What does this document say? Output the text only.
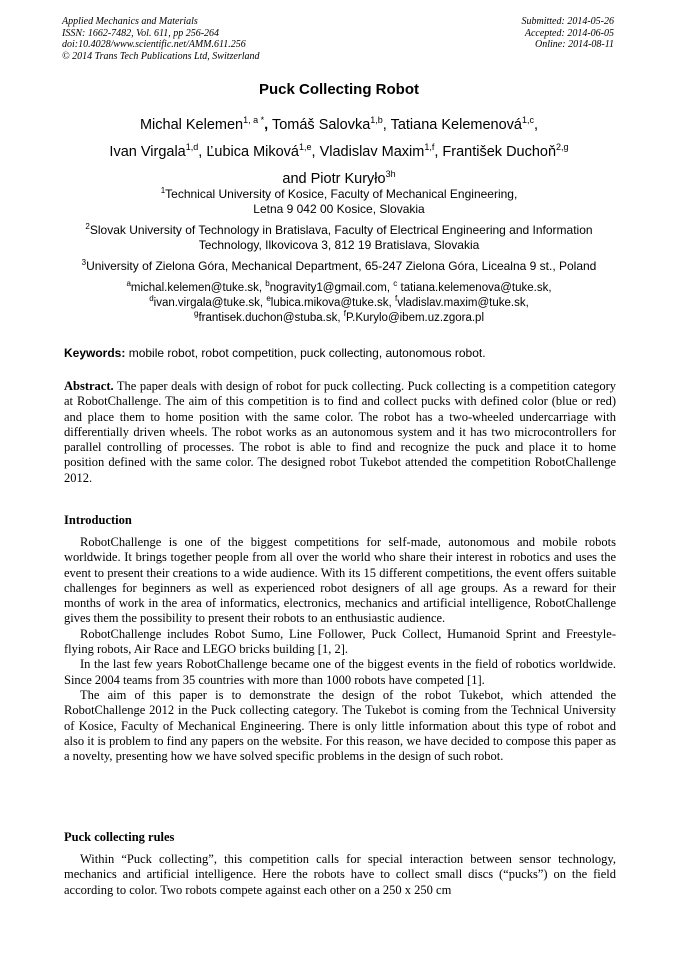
Applied Mechanics and Materials
ISSN: 1662-7482, Vol. 611, pp 256-264
doi:10.4028/www.scientific.net/AMM.611.256
© 2014 Trans Tech Publications Ltd, Switzerland
Submitted: 2014-05-26
Accepted: 2014-06-05
Online: 2014-08-11
Puck Collecting Robot
Michal Kelemen$^{1, a *}$, Tomáš Salovka$^{1,b}$, Tatiana Kelemenová$^{1,c}$,
Ivan Virgala$^{1,d}$, Ľubica Miková$^{1,e}$, Vladislav Maxim$^{1,f}$, František Duchoň$^{2,g}$
and Piotr Kuryło$^{3h}$
$^1$Technical University of Kosice, Faculty of Mechanical Engineering,
Letna 9 042 00 Kosice, Slovakia
$^2$Slovak University of Technology in Bratislava, Faculty of Electrical Engineering and Information
Technology, Ilkovicova 3, 812 19 Bratislava, Slovakia
$^3$University of Zielona Góra, Mechanical Department, 65-247 Zielona Góra, Licealna 9 st., Poland
$^a$michal.kelemen@tuke.sk, $^b$nogravity1@gmail.com, $^c$ tatiana.kelemenova@tuke.sk,
$^d$ivan.virgala@tuke.sk, $^e$lubica.mikova@tuke.sk, $^f$vladislav.maxim@tuke.sk,
$^g$frantisek.duchon@stuba.sk, $^f$P.Kurylo@ibem.uz.zgora.pl
Keywords: mobile robot, robot competition, puck collecting, autonomous robot.
Abstract. The paper deals with design of robot for puck collecting. Puck collecting is a competition category at RobotChallenge. The aim of this competition is to find and collect pucks with defined color (blue or red) and place them to home position with the same color. The robot has a two-wheeled undercarriage with differentially driven wheels. The robot works as an autonomous system and it has two microcontrollers for parallel controlling of processes. The robot is able to find and recognize the puck and place it to home position defined with the same color. The designed robot Tukebot attended the competition RobotChallenge 2012.
Introduction

RobotChallenge is one of the biggest competitions for self-made, autonomous and mobile robots worldwide. It brings together people from all over the world who share their interest in robotics and uses the event to present their creations to a wide audience. With its 15 different competitions, the event offers suitable challenges for beginners as well as experienced robot designers of all age groups. As a reward for their months of work in the area of informatics, electronics, mechanics and artificial intelligence, RobotChallenge gives them the possibility to present their robots to an enthusiastic audience.

RobotChallenge includes Robot Sumo, Line Follower, Puck Collect, Humanoid Sprint and Freestyle-flying robots, Air Race and LEGO bricks building [1, 2].

In the last few years RobotChallenge became one of the biggest events in the field of robotics worldwide. Since 2004 teams from 35 countries with more than 1000 robots have competed [1].

The aim of this paper is to demonstrate the design of the robot Tukebot, which attended the RobotChallenge 2012 in the Puck collecting category. The Tukebot is coming from the Technical University of Kosice, Faculty of Mechanical Engineering. There is only little information about this type of robot and also it is problem to find any papers on the website. For this reason, we have decided to compose this paper as a novelty, presenting how we have solved specific problems in the design of such robot.

Puck collecting rules

Within “Puck collecting”, this competition calls for special interaction between sensor technology, mechanics and artificial intelligence. Here the robots have to collect small discs (“pucks”) on the field according to color. Two robots compete against each other on a 250 x 250 cm
